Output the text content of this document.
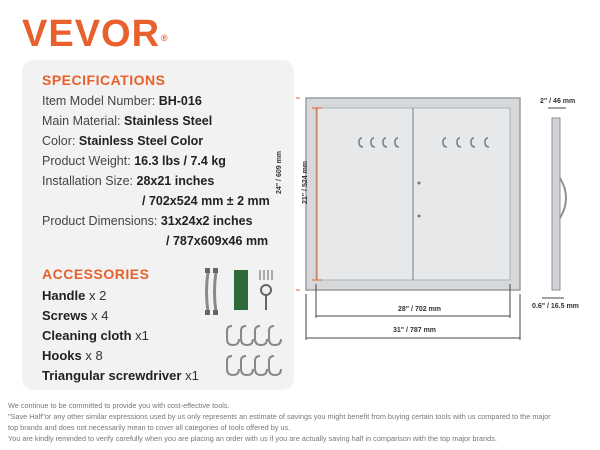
VEVOR®
SPECIFICATIONS
Item Model Number: BH-016
Main Material: Stainless Steel
Color: Stainless Steel Color
Product Weight: 16.3 lbs / 7.4 kg
Installation Size: 28x21 inches
/ 702x524 mm ± 2 mm
Product Dimensions: 31x24x2 inches
/ 787x609x46 mm
ACCESSORIES
Handle x 2
Screws x 4
Cleaning cloth x1
Hooks x 8
Triangular screwdriver x1
24" / 609 mm	21" / 524 mm
28" / 702 mm
31" / 787 mm
2" / 46 mm
0.6" / 16.5 mm
We continue to be committed to provide you with cost-effective tools.
"Save Half"or any other similar expressions used by us only represents an estimate of savings you might benefit from buying certain tools with us compared to the major
top brands and does not necessarily mean to cover all categories of tools offered by us.
You are kindly reminded to verify carefully when you are placing an order with us if you are actually saving half in comparison with the top major brands.
